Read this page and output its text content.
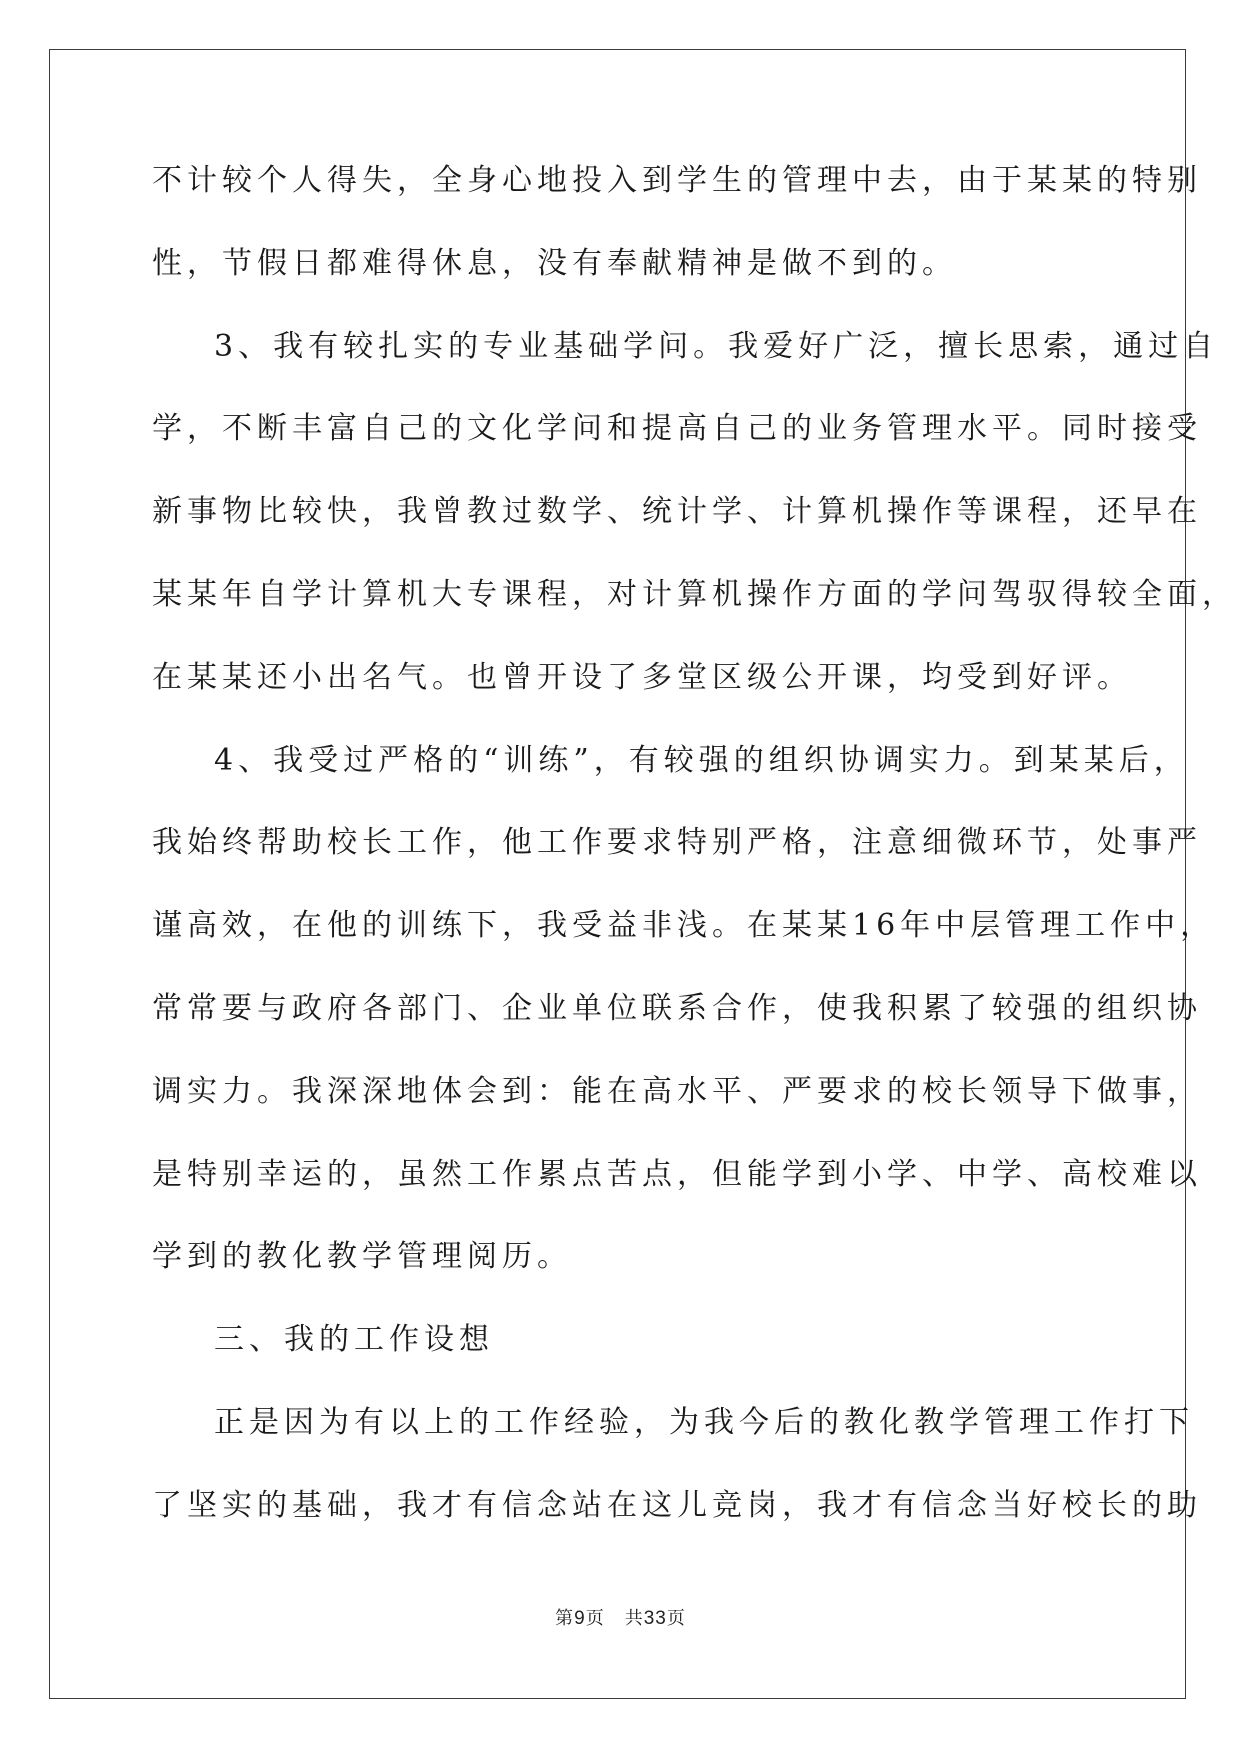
不计较个人得失，全身心地投入到学生的管理中去，由于某某的特别
性，节假日都难得休息，没有奉献精神是做不到的。
3、我有较扎实的专业基础学问。我爱好广泛，擅长思索，通过自
学，不断丰富自己的文化学问和提高自己的业务管理水平。同时接受
新事物比较快，我曾教过数学、统计学、计算机操作等课程，还早在
某某年自学计算机大专课程，对计算机操作方面的学问驾驭得较全面，
在某某还小出名气。也曾开设了多堂区级公开课，均受到好评。
4、我受过严格的“训练”，有较强的组织协调实力。到某某后，
我始终帮助校长工作，他工作要求特别严格，注意细微环节，处事严
谨高效，在他的训练下，我受益非浅。在某某16年中层管理工作中，
常常要与政府各部门、企业单位联系合作，使我积累了较强的组织协
调实力。我深深地体会到：能在高水平、严要求的校长领导下做事，
是特别幸运的，虽然工作累点苦点，但能学到小学、中学、高校难以
学到的教化教学管理阅历。
三、我的工作设想
正是因为有以上的工作经验，为我今后的教化教学管理工作打下
了坚实的基础，我才有信念站在这儿竞岗，我才有信念当好校长的助
第9页 共33页
